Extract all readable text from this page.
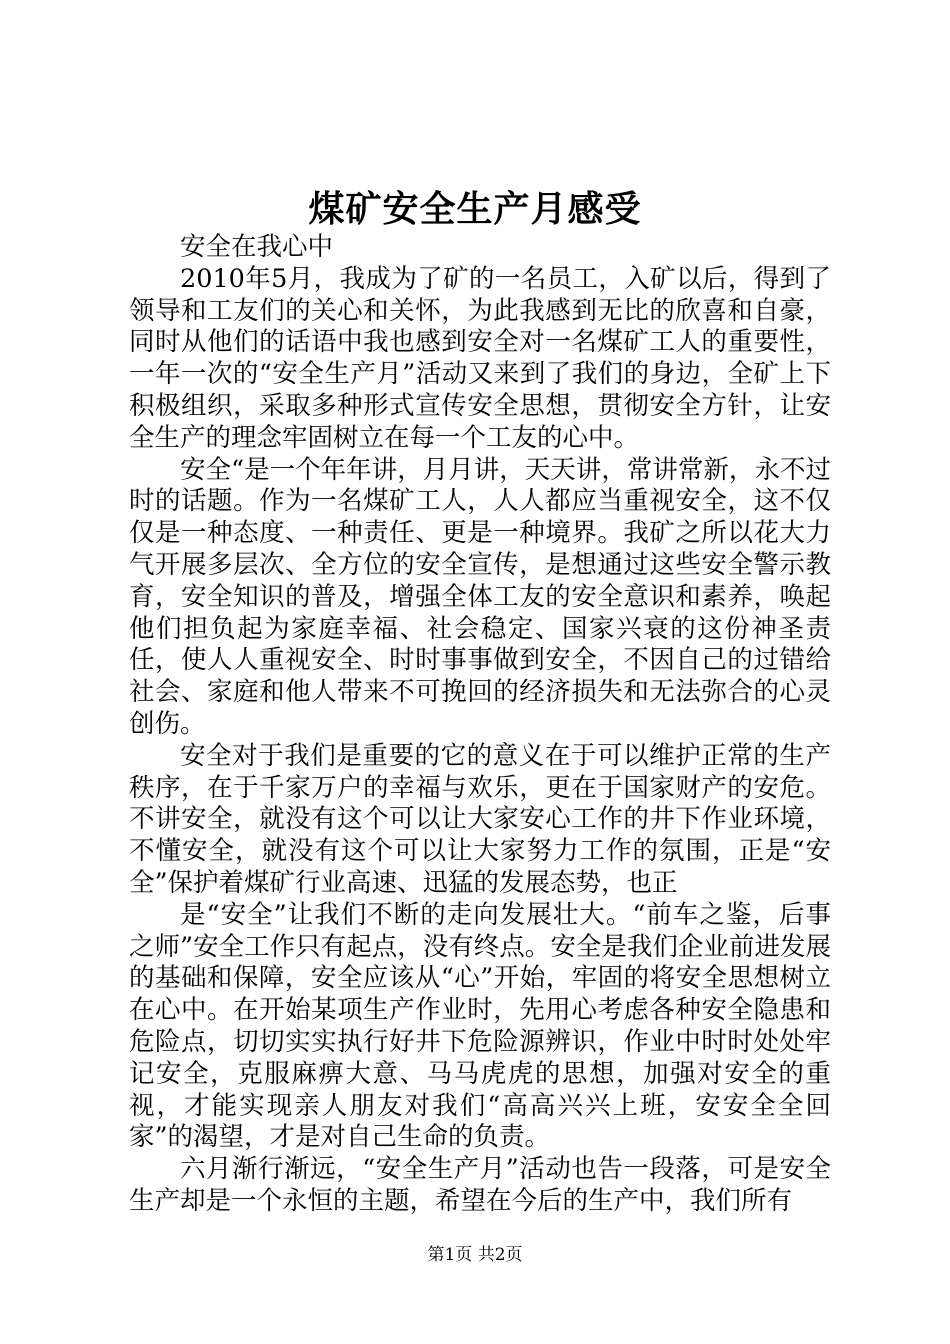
煤矿安全生产月感受

安全在我心中

2010年5月，我成为了矿的一名员工，入矿以后，得到了领导和工友们的关心和关怀，为此我感到无比的欣喜和自豪，同时从他们的话语中我也感到安全对一名煤矿工人的重要性，一年一次的“安全生产月”活动又来到了我们的身边，全矿上下积极组织，采取多种形式宣传安全思想，贯彻安全方针，让安全生产的理念牢固树立在每一个工友的心中。

安全“是一个年年讲，月月讲，天天讲，常讲常新，永不过时的话题。作为一名煤矿工人，人人都应当重视安全，这不仅仅是一种态度、一种责任、更是一种境界。我矿之所以花大力气开展多层次、全方位的安全宣传，是想通过这些安全警示教育，安全知识的普及，增强全体工友的安全意识和素养，唤起他们担负起为家庭幸福、社会稳定、国家兴衰的这份神圣责任，使人人重视安全、时时事事做到安全，不因自己的过错给社会、家庭和他人带来不可挽回的经济损失和无法弥合的心灵创伤。

安全对于我们是重要的它的意义在于可以维护正常的生产秩序，在于千家万户的幸福与欢乐，更在于国家财产的安危。不讲安全，就没有这个可以让大家安心工作的井下作业环境，不懂安全，就没有这个可以让大家努力工作的氛围，正是“安全”保护着煤矿行业高速、迅猛的发展态势，也正

是“安全”让我们不断的走向发展壮大。“前车之鉴，后事之师”安全工作只有起点，没有终点。安全是我们企业前进发展的基础和保障，安全应该从“心”开始，牢固的将安全思想树立在心中。在开始某项生产作业时，先用心考虑各种安全隐患和危险点，切切实实执行好井下危险源辨识，作业中时时处处牢记安全，克服麻痹大意、马马虎虎的思想，加强对安全的重视，才能实现亲人朋友对我们“高高兴兴上班，安安全全回家”的渴望，才是对自己生命的负责。

六月渐行渐远，“安全生产月”活动也告一段落，可是安全生产却是一个永恒的主题，希望在今后的生产中，我们所有

第1页 共2页
